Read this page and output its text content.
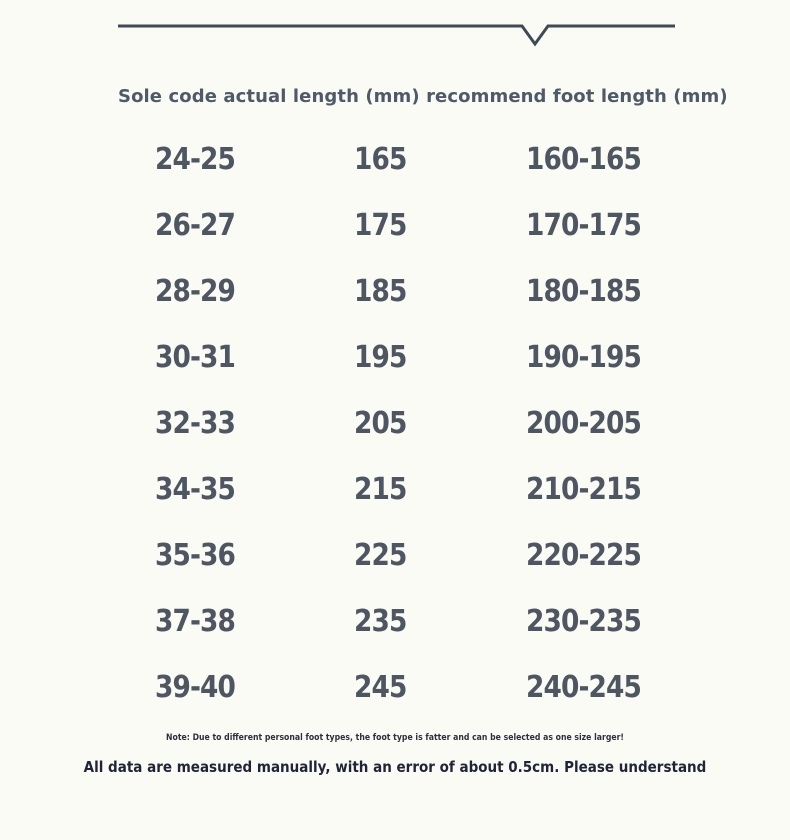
Sole code actual length (mm) recommend foot length (mm)
24-25	165	160-165
26-27	175	170-175
28-29	185	180-185
30-31	195	190-195
32-33	205	200-205
34-35	215	210-215
35-36	225	220-225
37-38	235	230-235
39-40	245	240-245
Note: Due to different personal foot types, the foot type is fatter and can be selected as one size larger!
All data are measured manually, with an error of about 0.5cm. Please understand
